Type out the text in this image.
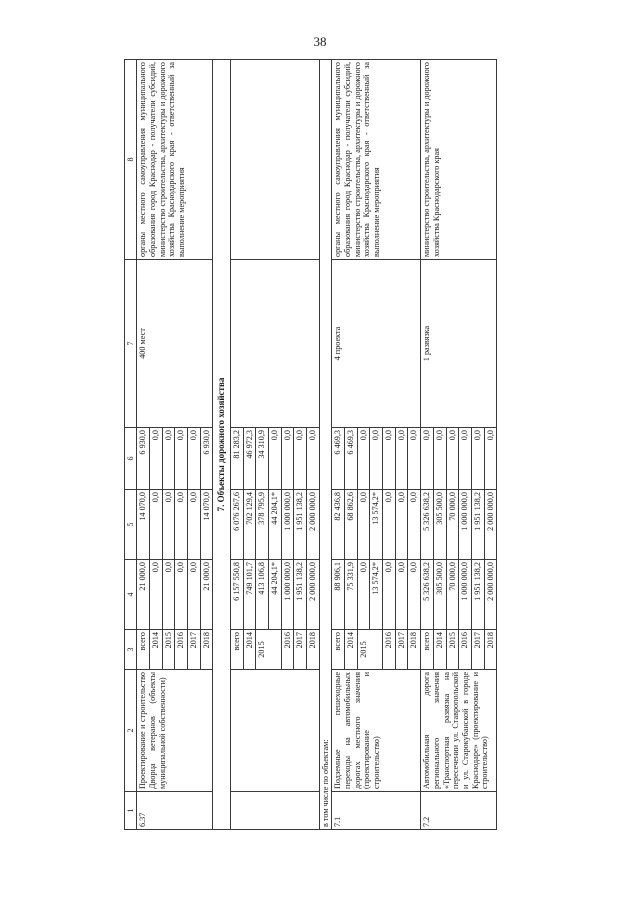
38
1	2	3	4	5	6	7	8
6.37	Проектирование и строительство Дворца ветеранов (объекты муниципальной собственности)	всего	21 000,0	14 070,0	6 930,0	400 мест	органы местного самоуправления муниципального образования город Краснодар - получатели субсидий, министерство строительства, архитектуры и дорожного хозяйства Краснодарского края - ответственный за выполнение мероприятия
		2014	0,0	0,0	0,0		
		2015	0,0	0,0	0,0		
		2016	0,0	0,0	0,0		
		2017	0,0	0,0	0,0		
		2018	21 000,0	14 070,0	6 930,0		
7. Объекты дорожного хозяйства							
		всего	6 157 550,8	6 076 267,6	81 283,2		
		2014	749 101,7	702 129,4	46 972,3		
		2015	413 106,8	378 795,9	34 310,9		
			44 204,1*	44 204,1*	0,0		
		2016	1 000 000,0	1 000 000,0	0,0		
		2017	1 951 138,2	1 951 138,2	0,0		
		2018	2 000 000,0	2 000 000,0	0,0		
в том числе по объектам:							
7.1	Подземные пешеходные переходы на автомобильных дорогах местного значения (проектирование и строительство)	всего	88 906,1	82 436,8	6 469,3	4 проекта	органы местного самоуправления муниципального образования город Краснодар - получатели субсидий, министерство строительства, архитектуры и дорожного хозяйства Краснодарского края - ответственный за выполнение мероприятия
		2014	75 331,9	68 862,6	6 469,3		
		2015	0,0	0,0	0,0		
			13 574,2*	13 574,2*	0,0		
		2016	0,0	0,0	0,0		
		2017	0,0	0,0	0,0		
		2018	0,0	0,0	0,0		
7.2	Автомобильная дорога регионального значения «Транспортная развязка на пересечении ул. Ставропольской и ул. Старокубанской в городе Краснодаре» (проектирование и строительство)	всего	5 326 638,2	5 326 638,2	0,0	1 развязка	министерство строительства, архитектуры и дорожного хозяйства Краснодарского края
		2014	305 500,0	305 500,0	0,0		
		2015	70 000,0	70 000,0	0,0		
		2016	1 000 000,0	1 000 000,0	0,0		
		2017	1 951 138,2	1 951 138,2	0,0		
		2018	2 000 000,0	2 000 000,0	0,0		
